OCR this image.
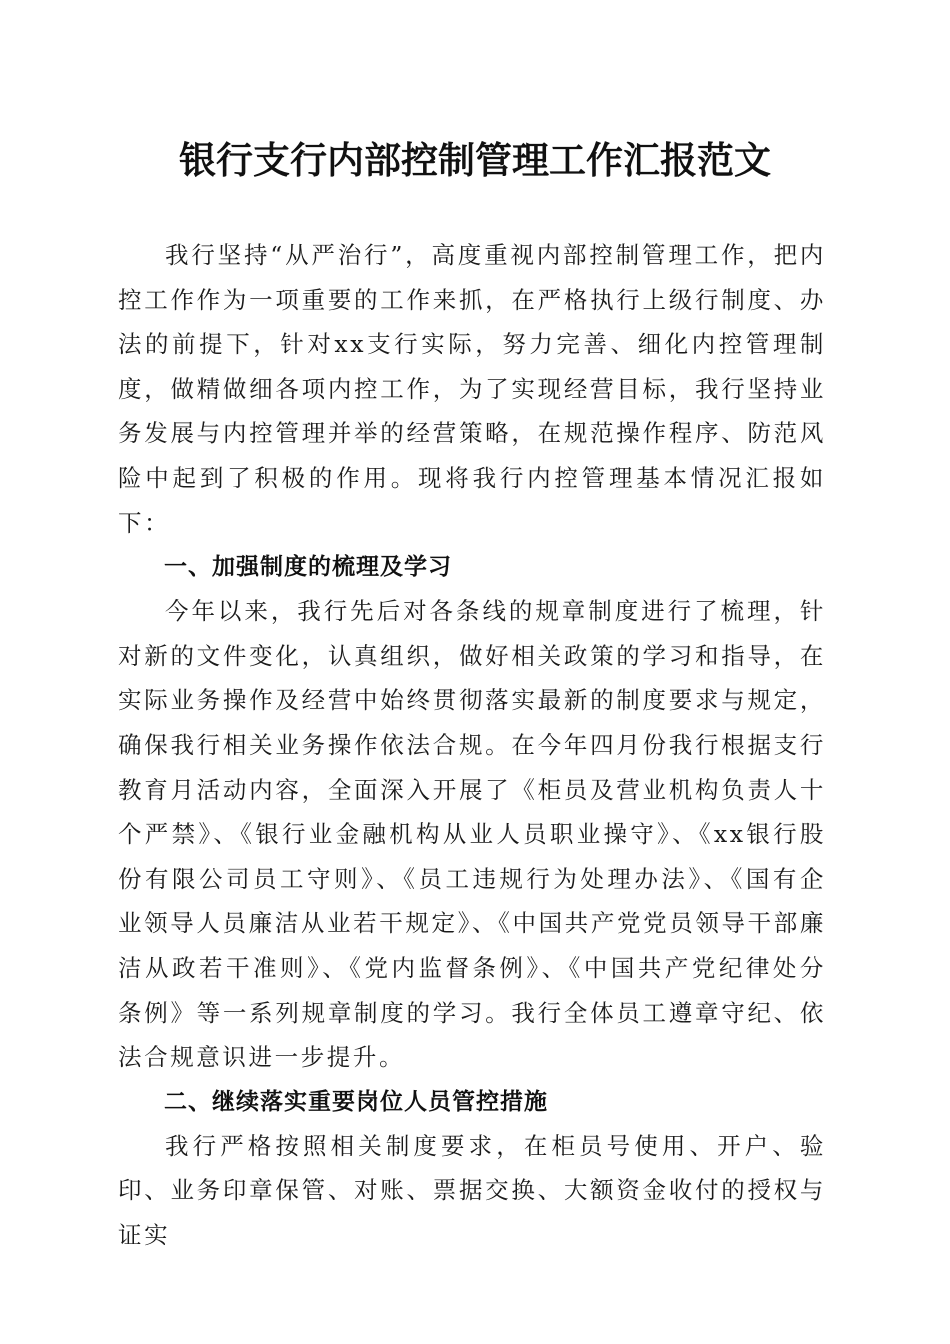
银行支行内部控制管理工作汇报范文

我行坚持“从严治行”，高度重视内部控制管理工作，把内控工作作为一项重要的工作来抓，在严格执行上级行制度、办法的前提下，针对xx支行实际，努力完善、细化内控管理制度，做精做细各项内控工作，为了实现经营目标，我行坚持业务发展与内控管理并举的经营策略，在规范操作程序、防范风险中起到了积极的作用。现将我行内控管理基本情况汇报如下：

一、加强制度的梳理及学习

今年以来，我行先后对各条线的规章制度进行了梳理，针对新的文件变化，认真组织，做好相关政策的学习和指导，在实际业务操作及经营中始终贯彻落实最新的制度要求与规定，确保我行相关业务操作依法合规。在今年四月份我行根据支行教育月活动内容，全面深入开展了《柜员及营业机构负责人十个严禁》、《银行业金融机构从业人员职业操守》、《xx银行股份有限公司员工守则》、《员工违规行为处理办法》、《国有企业领导人员廉洁从业若干规定》、《中国共产党党员领导干部廉洁从政若干准则》、《党内监督条例》、《中国共产党纪律处分条例》等一系列规章制度的学习。我行全体员工遵章守纪、依法合规意识进一步提升。

二、继续落实重要岗位人员管控措施

我行严格按照相关制度要求，在柜员号使用、开户、验印、业务印章保管、对账、票据交换、大额资金收付的授权与证实
